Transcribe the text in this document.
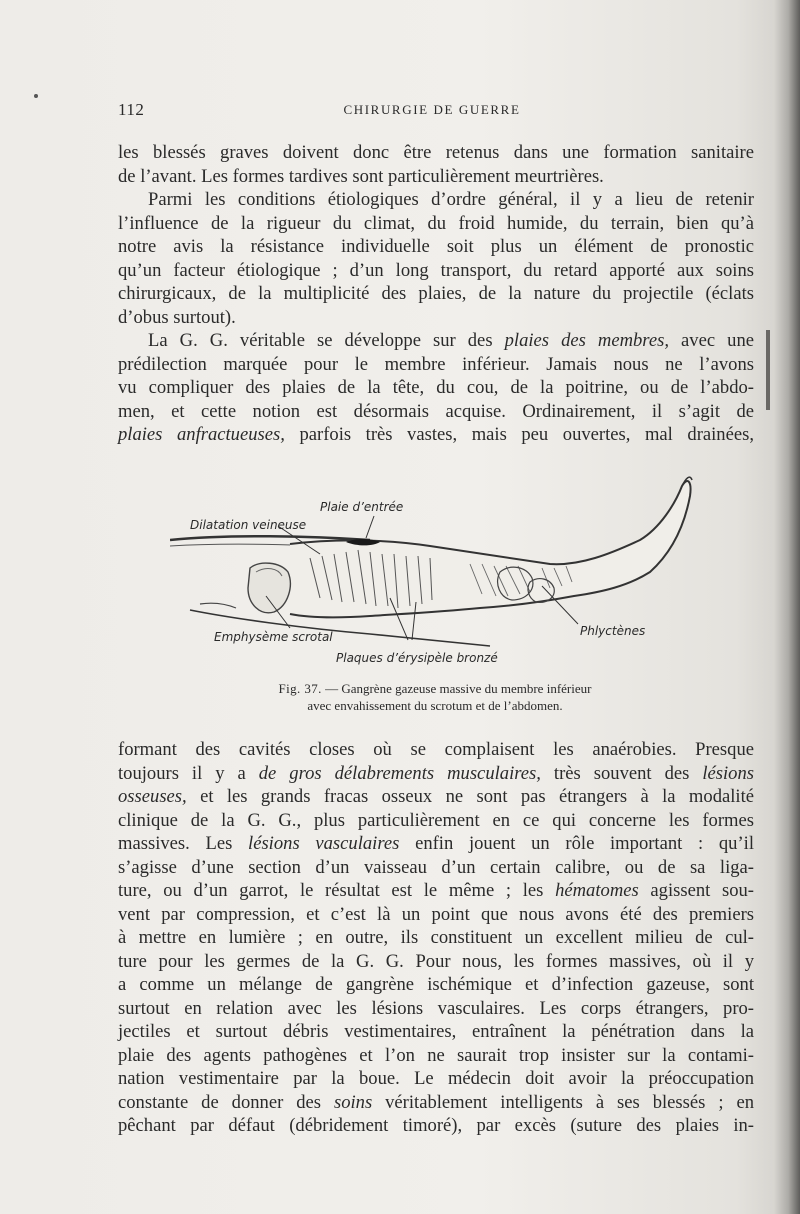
112	CHIRURGIE DE GUERRE
les blessés graves doivent donc être retenus dans une formation sanitaire
de l’avant. Les formes tardives sont particulièrement meurtrières.
Parmi les conditions étiologiques d’ordre général, il y a lieu de retenir
l’influence de la rigueur du climat, du froid humide, du terrain, bien qu’à
notre avis la résistance individuelle soit plus un élément de pronostic
qu’un facteur étiologique ; d’un long transport, du retard apporté aux soins
chirurgicaux, de la multiplicité des plaies, de la nature du projectile (éclats
d’obus surtout).
La G. G. véritable se développe sur des plaies des membres, avec une
prédilection marquée pour le membre inférieur. Jamais nous ne l’avons
vu compliquer des plaies de la tête, du cou, de la poitrine, ou de l’abdo-
men, et cette notion est désormais acquise. Ordinairement, il s’agit de
plaies anfractueuses, parfois très vastes, mais peu ouvertes, mal drainées,
Plaie d’entrée
Dilatation veineuse
Emphysème scrotal	Phlyctènes
Plaques d’érysipèle bronzé
Fig. 37. — Gangrène gazeuse massive du membre inférieur
avec envahissement du scrotum et de l’abdomen.
formant des cavités closes où se complaisent les anaérobies. Presque
toujours il y a de gros délabrements musculaires, très souvent des lésions
osseuses, et les grands fracas osseux ne sont pas étrangers à la modalité
clinique de la G. G., plus particulièrement en ce qui concerne les formes
massives. Les lésions vasculaires enfin jouent un rôle important : qu’il
s’agisse d’une section d’un vaisseau d’un certain calibre, ou de sa liga-
ture, ou d’un garrot, le résultat est le même ; les hématomes agissent sou-
vent par compression, et c’est là un point que nous avons été des premiers
à mettre en lumière ; en outre, ils constituent un excellent milieu de cul-
ture pour les germes de la G. G. Pour nous, les formes massives, où il y
a comme un mélange de gangrène ischémique et d’infection gazeuse, sont
surtout en relation avec les lésions vasculaires. Les corps étrangers, pro-
jectiles et surtout débris vestimentaires, entraînent la pénétration dans la
plaie des agents pathogènes et l’on ne saurait trop insister sur la contami-
nation vestimentaire par la boue. Le médecin doit avoir la préoccupation
constante de donner des soins véritablement intelligents à ses blessés ; en
pêchant par défaut (débridement timoré), par excès (suture des plaies in-
